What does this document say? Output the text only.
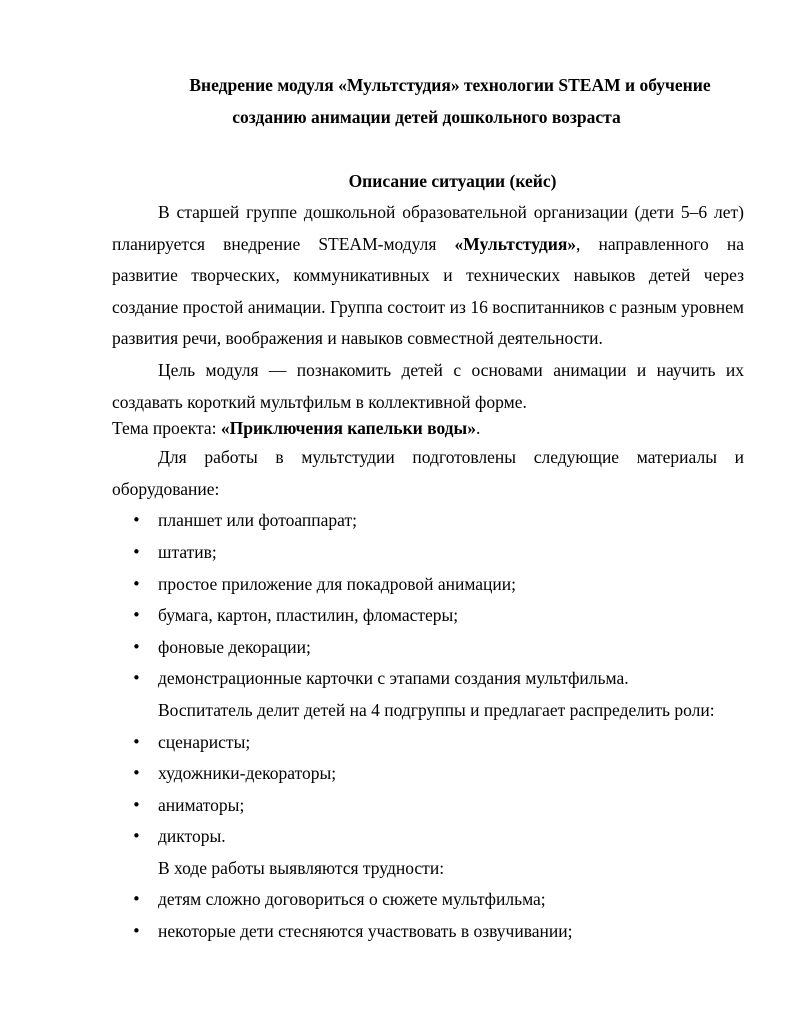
Внедрение модуля «Мультстудия» технологии STEAM и обучение

созданию анимации детей дошкольного возраста

Описание ситуации (кейс)

В старшей группе дошкольной образовательной организации (дети 5–6 лет) планируется внедрение STEAM-модуля «Мультстудия», направленного на развитие творческих, коммуникативных и технических навыков детей через создание простой анимации. Группа состоит из 16 воспитанников с разным уровнем развития речи, воображения и навыков совместной деятельности.

Цель модуля — познакомить детей с основами анимации и научить их создавать короткий мультфильм в коллективной форме.

Тема проекта: «Приключения капельки воды».

Для работы в мультстудии подготовлены следующие материалы и оборудование:

• планшет или фотоаппарат;
• штатив;
• простое приложение для покадровой анимации;
• бумага, картон, пластилин, фломастеры;
• фоновые декорации;
• демонстрационные карточки с этапами создания мультфильма.

Воспитатель делит детей на 4 подгруппы и предлагает распределить роли:

• сценаристы;
• художники-декораторы;
• аниматоры;
• дикторы.

В ходе работы выявляются трудности:

• детям сложно договориться о сюжете мультфильма;
• некоторые дети стесняются участвовать в озвучивании;
